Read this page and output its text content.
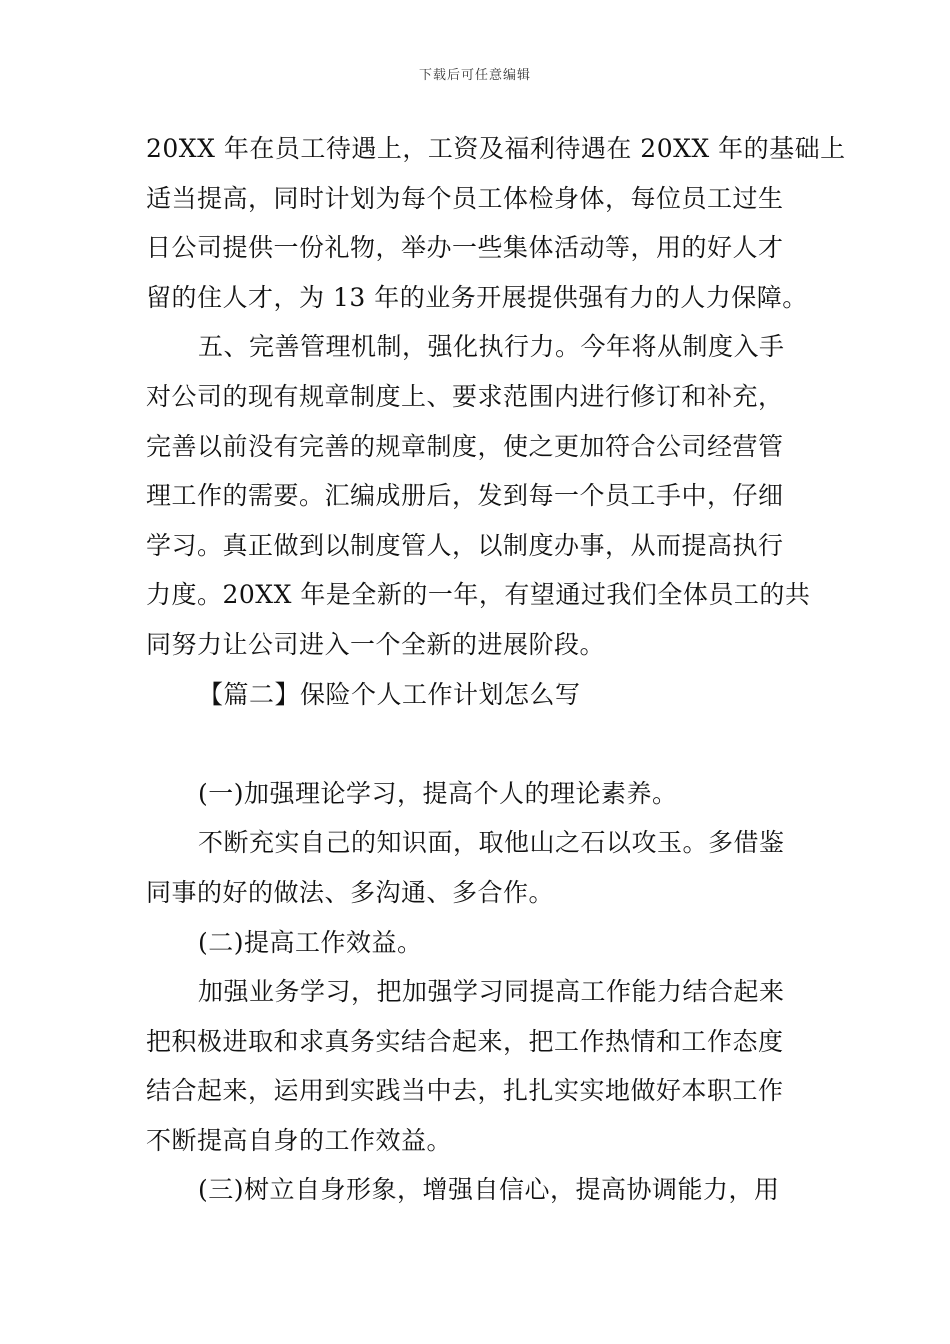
下载后可任意编辑
20XX 年在员工待遇上，工资及福利待遇在 20XX 年的基础上
适当提高，同时计划为每个员工体检身体，每位员工过生
日公司提供一份礼物，举办一些集体活动等，用的好人才
留的住人才，为 13 年的业务开展提供强有力的人力保障。
五、完善管理机制，强化执行力。今年将从制度入手
对公司的现有规章制度上、要求范围内进行修订和补充，
完善以前没有完善的规章制度，使之更加符合公司经营管
理工作的需要。汇编成册后，发到每一个员工手中，仔细
学习。真正做到以制度管人，以制度办事，从而提高执行
力度。20XX 年是全新的一年，有望通过我们全体员工的共
同努力让公司进入一个全新的进展阶段。
【篇二】保险个人工作计划怎么写
(一)加强理论学习，提高个人的理论素养。
不断充实自己的知识面，取他山之石以攻玉。多借鉴
同事的好的做法、多沟通、多合作。
(二)提高工作效益。
加强业务学习，把加强学习同提高工作能力结合起来
把积极进取和求真务实结合起来，把工作热情和工作态度
结合起来，运用到实践当中去，扎扎实实地做好本职工作
不断提高自身的工作效益。
(三)树立自身形象，增强自信心，提高协调能力，用
